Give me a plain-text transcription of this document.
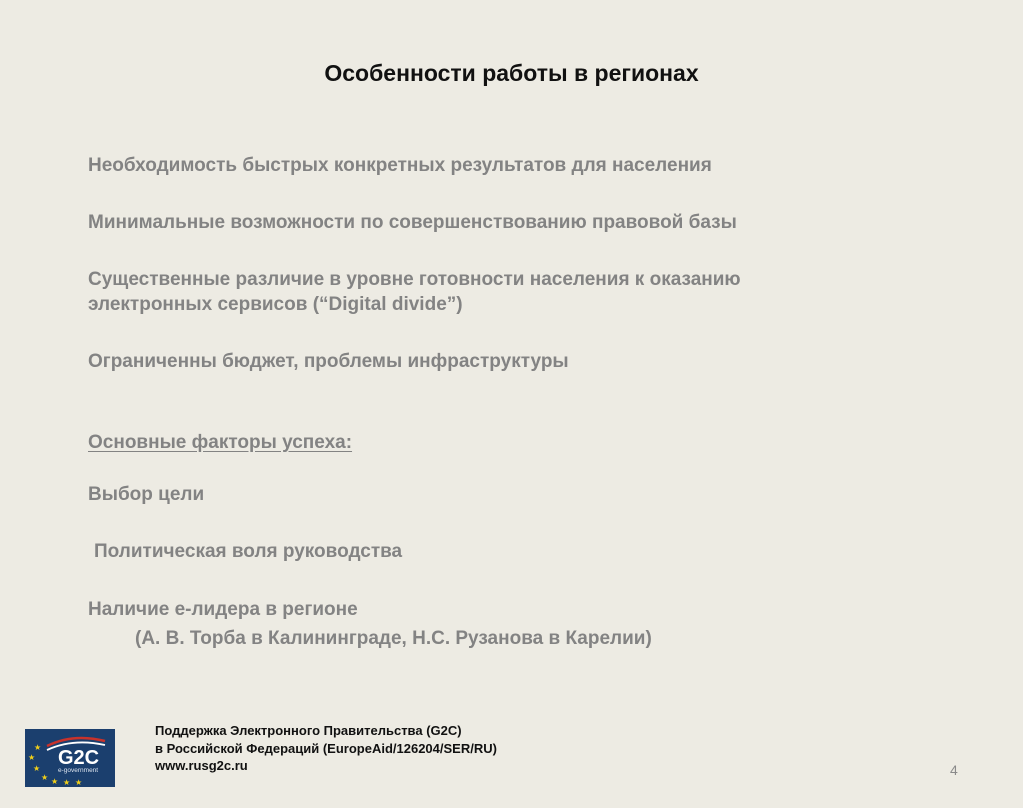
Особенности работы в регионах
Необходимость быстрых конкретных результатов для населения
Минимальные возможности по совершенствованию правовой базы
Существенные различие в уровне готовности населения к оказанию
электронных сервисов (“Digital divide”)
Ограниченны бюджет, проблемы инфраструктуры
Основные факторы успеха:
Выбор цели
Политическая воля руководства
Наличие е-лидера в регионе
(А. В. Торба в Калининграде, Н.С. Рузанова в Карелии)
G2C
e-government
★
★
★
★ ★ ★ ★
Поддержка Электронного Правительства (G2C)
в Российской Федераций (EuropeAid/126204/SER/RU)
www.rusg2c.ru	4
